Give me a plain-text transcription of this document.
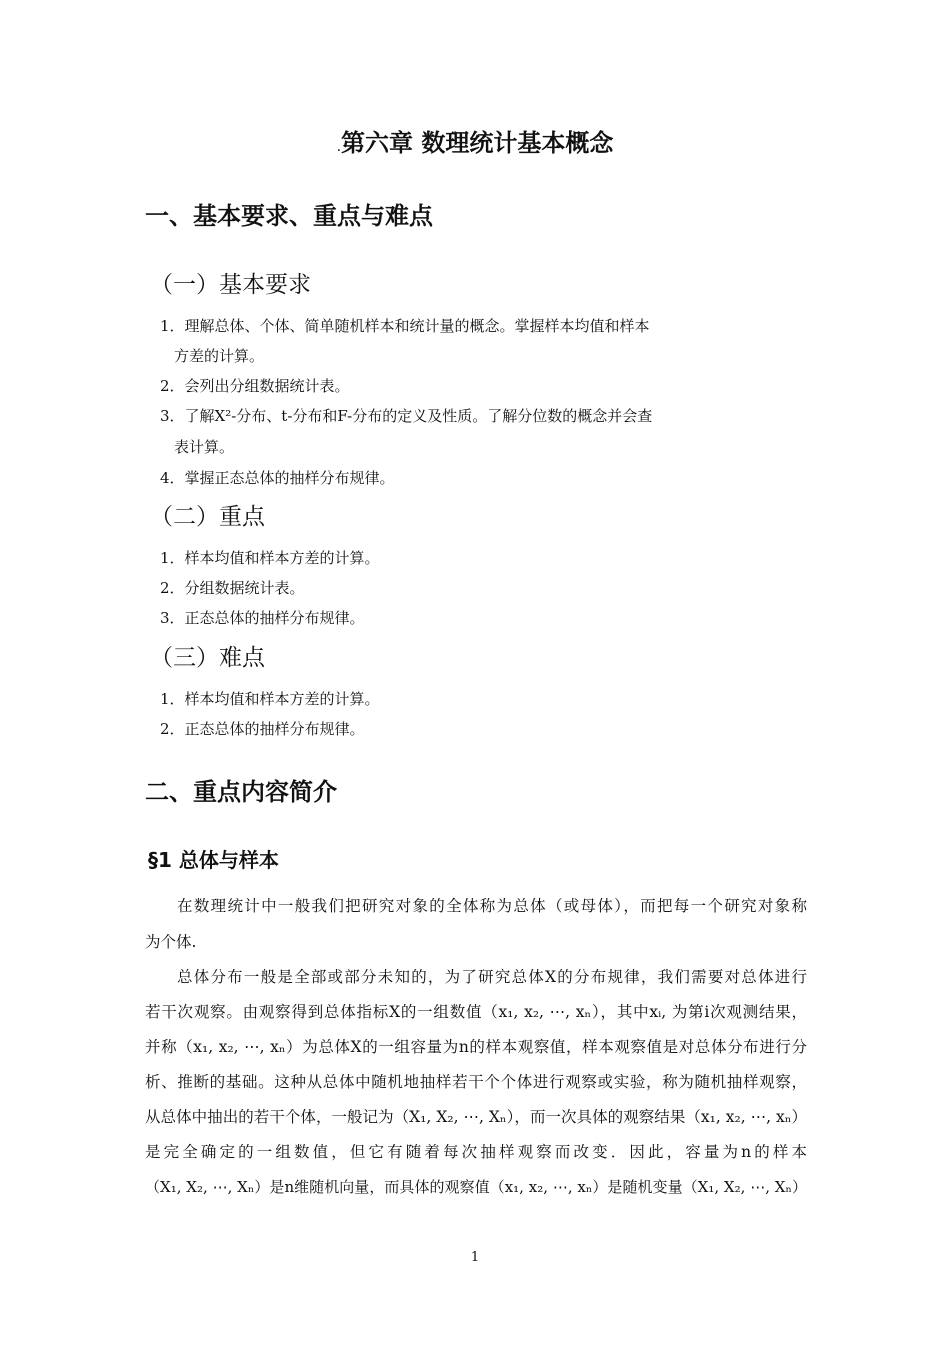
.第六章 数理统计基本概念
一、基本要求、重点与难点
（一）基本要求
1．理解总体、个体、简单随机样本和统计量的概念。掌握样本均值和样本
方差的计算。
2．会列出分组数据统计表。
3．了解X²-分布、t-分布和F-分布的定义及性质。了解分位数的概念并会查
表计算。
4．掌握正态总体的抽样分布规律。
（二）重点
1．样本均值和样本方差的计算。
2．分组数据统计表。
3．正态总体的抽样分布规律。
（三）难点
1．样本均值和样本方差的计算。
2．正态总体的抽样分布规律。
二、重点内容简介
§1 总体与样本
在数理统计中一般我们把研究对象的全体称为总体（或母体），而把每一个研究对象称
为个体.
总体分布一般是全部或部分未知的，为了研究总体X的分布规律，我们需要对总体进行
若干次观察。由观察得到总体指标X的一组数值（x₁, x₂, ⋯, xₙ），其中xᵢ, 为第i次观测结果，
并称（x₁, x₂, ⋯, xₙ）为总体X的一组容量为n的样本观察值，样本观察值是对总体分布进行分
析、推断的基础。这种从总体中随机地抽样若干个个体进行观察或实验，称为随机抽样观察，
从总体中抽出的若干个体，一般记为（X₁, X₂, ⋯, Xₙ），而一次具体的观察结果（x₁, x₂, ⋯, xₙ）
是完全确定的一组数值，但它有随着每次抽样观察而改变．因此，容量为n的样本
（X₁, X₂, ⋯, Xₙ）是n维随机向量，而具体的观察值（x₁, x₂, ⋯, xₙ）是随机变量（X₁, X₂, ⋯, Xₙ）
1
